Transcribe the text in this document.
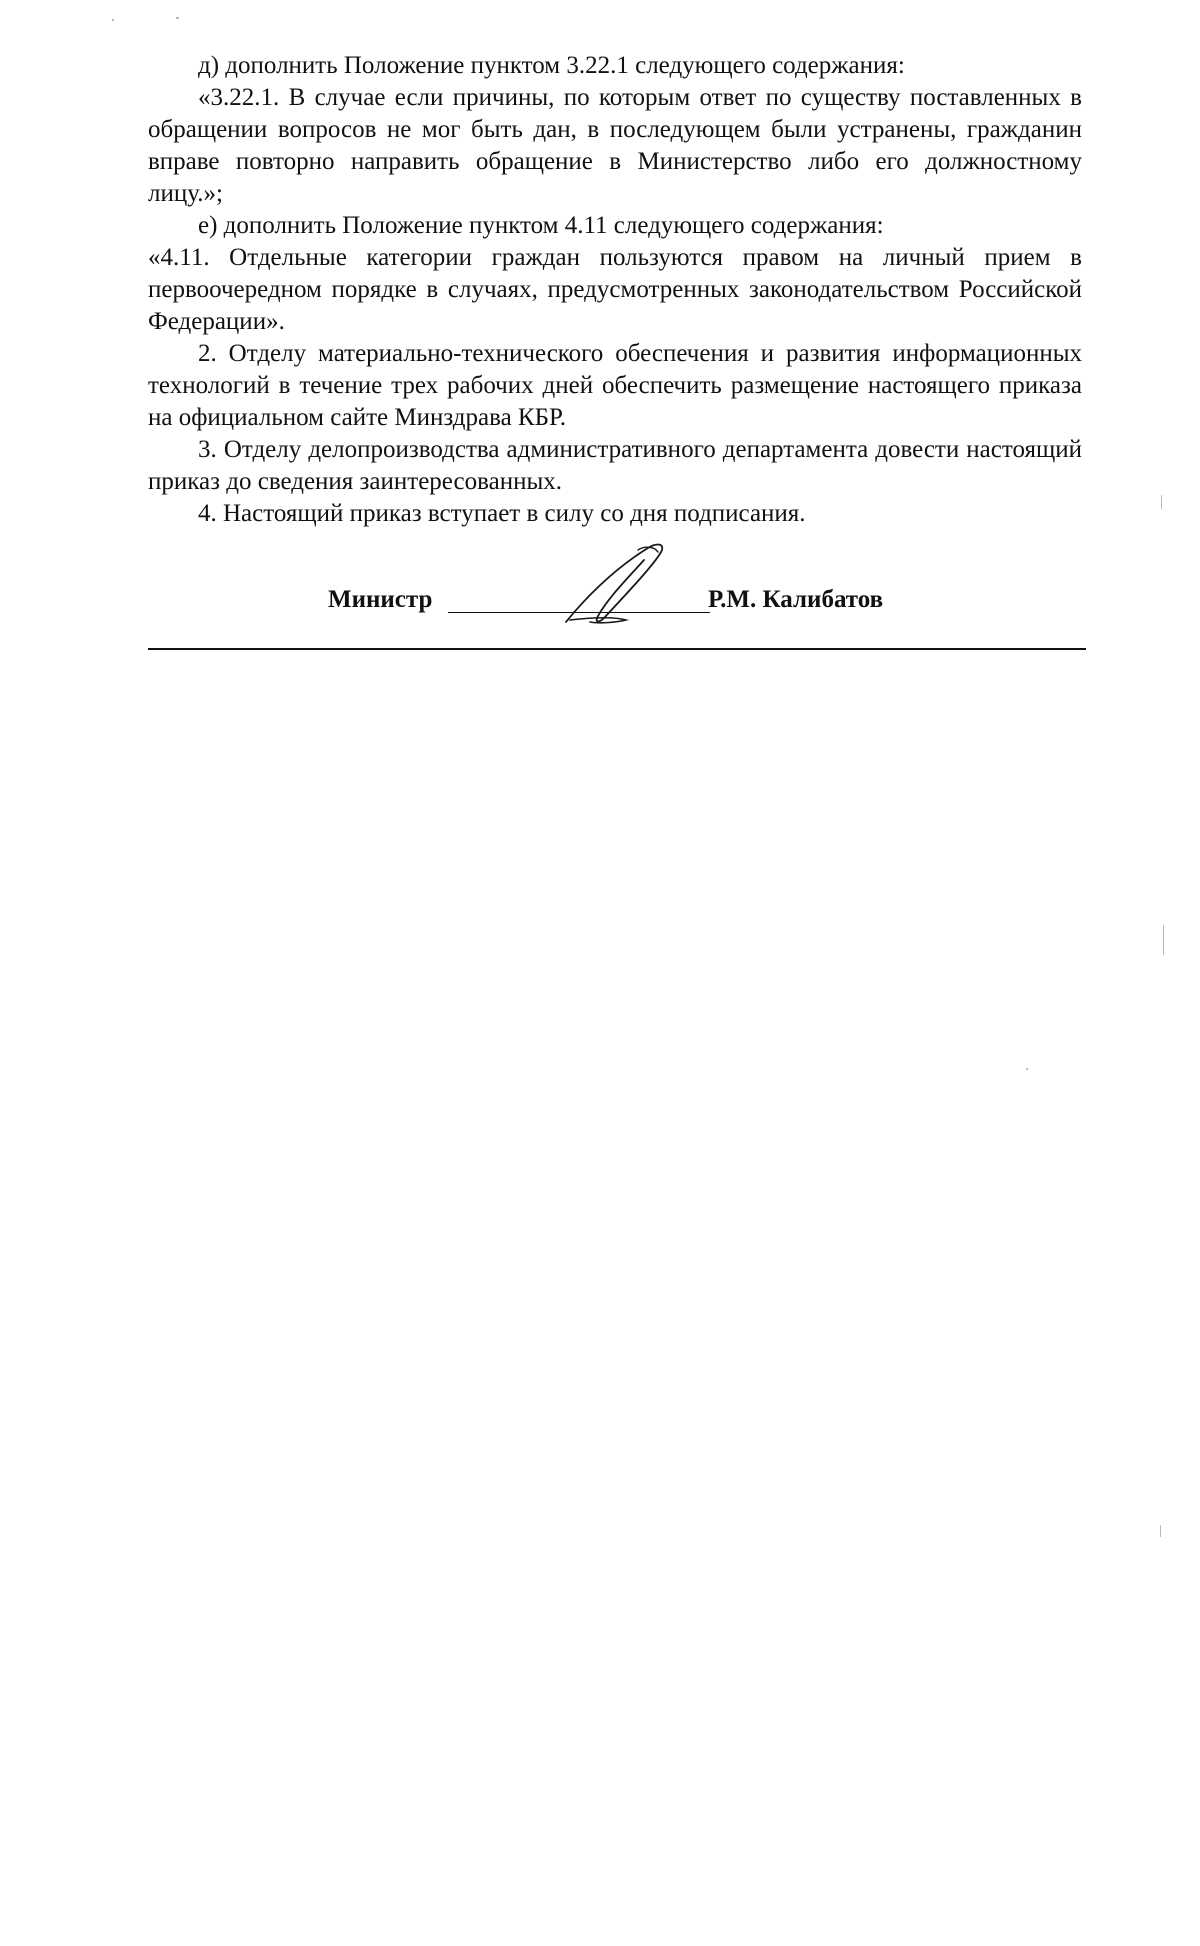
д) дополнить Положение пунктом 3.22.1 следующего содержания:

«3.22.1. В случае если причины, по которым ответ по существу поставленных в обращении вопросов не мог быть дан, в последующем были устранены, гражданин вправе повторно направить обращение в Министерство либо его должностному лицу.»;

е) дополнить Положение пунктом 4.11 следующего содержания:

«4.11. Отдельные категории граждан пользуются правом на личный прием в первоочередном порядке в случаях, предусмотренных законодательством Российской Федерации».

2. Отделу материально-технического обеспечения и развития информационных технологий в течение трех рабочих дней обеспечить размещение настоящего приказа на официальном сайте Минздрава КБР.

3. Отделу делопроизводства административного департамента довести настоящий приказ до сведения заинтересованных.

4. Настоящий приказ вступает в силу со дня подписания.

Министр	Р.М. Калибатов
